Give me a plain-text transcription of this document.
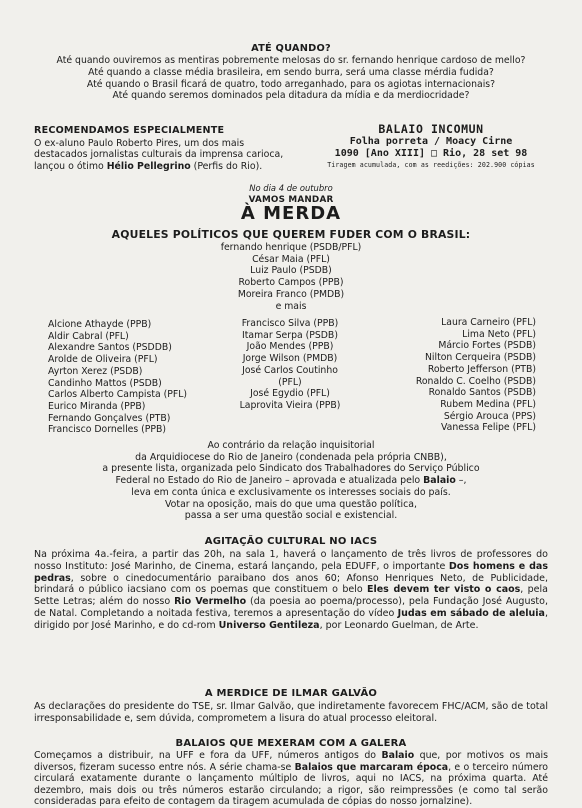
ATÉ QUANDO?
Até quando ouviremos as mentiras pobremente melosas do sr. fernando henrique cardoso de mello?
Até quando a classe média brasileira, em sendo burra, será uma classe mérdia fudida?
Até quando o Brasil ficará de quatro, todo arreganhado, para os agiotas internacionais?
Até quando seremos dominados pela ditadura da mídia e da merdiocridade?
RECOMENDAMOS ESPECIALMENTE
O ex-aluno Paulo Roberto Pires, um dos mais
destacados jornalistas culturais da imprensa carioca,
lançou o ótimo Hélio Pellegrino (Perfis do Rio).
BALAIO INCOMUN
Folha porreta / Moacy Cirne
1090 [Ano XIII] □ Rio, 28 set 98
Tiragem acumulada, com as reedições: 202.900 cópias
No dia 4 de outubro
VAMOS MANDAR
À MERDA
AQUELES POLÍTICOS QUE QUEREM FUDER COM O BRASIL:
fernando henrique (PSDB/PFL)
César Maia (PFL)
Luiz Paulo (PSDB)
Roberto Campos (PPB)
Moreira Franco (PMDB)
e mais
Alcione Athayde (PPB)
Aldir Cabral (PFL)
Alexandre Santos (PSDDB)
Arolde de Oliveira (PFL)
Ayrton Xerez (PSDB)
Candinho Mattos (PSDB)
Carlos Alberto Campista (PFL)
Eurico Miranda (PPB)
Fernando Gonçalves (PTB)
Francisco Dornelles (PPB)
Francisco Silva (PPB)
Itamar Serpa (PSDB)
João Mendes (PPB)
Jorge Wilson (PMDB)
José Carlos Coutinho (PFL)
José Egydio (PFL)
Laprovita Vieira (PPB)
Laura Carneiro (PFL)
Lima Neto (PFL)
Márcio Fortes (PSDB)
Nilton Cerqueira (PSDB)
Roberto Jefferson (PTB)
Ronaldo C. Coelho (PSDB)
Ronaldo Santos (PSDB)
Rubem Medina (PFL)
Sérgio Arouca (PPS)
Vanessa Felipe (PFL)
Ao contrário da relação inquisitorial
da Arquidiocese do Rio de Janeiro (condenada pela própria CNBB),
a presente lista, organizada pelo Sindicato dos Trabalhadores do Serviço Público
Federal no Estado do Rio de Janeiro – aprovada e atualizada pelo Balaio –,
leva em conta única e exclusivamente os interesses sociais do país.
Votar na oposição, mais do que uma questão política,
passa a ser uma questão social e existencial.
AGITAÇÃO CULTURAL NO IACS
Na próxima 4a.-feira, a partir das 20h, na sala 1, haverá o lançamento de três livros de professores do nosso Instituto: José Marinho, de Cinema, estará lançando, pela EDUFF, o importante Dos homens e das pedras, sobre o cinedocumentário paraibano dos anos 60; Afonso Henriques Neto, de Publicidade, brindará o público iacsiano com os poemas que constituem o belo Eles devem ter visto o caos, pela Sette Letras; além do nosso Rio Vermelho (da poesia ao poema/processo), pela Fundação José Augusto, de Natal. Completando a noitada festiva, teremos a apresentação do vídeo Judas em sábado de aleluia, dirigido por José Marinho, e do cd-rom Universo Gentileza, por Leonardo Guelman, de Arte.
A MERDICE DE ILMAR GALVÃO
As declarações do presidente do TSE, sr. Ilmar Galvão, que indiretamente favorecem FHC/ACM, são de total irresponsabilidade e, sem dúvida, comprometem a lisura do atual processo eleitoral.
BALAIOS QUE MEXERAM COM A GALERA
Começamos a distribuir, na UFF e fora da UFF, números antigos do Balaio que, por motivos os mais diversos, fizeram sucesso entre nós. A série chama-se Balaios que marcaram época, e o terceiro número circulará exatamente durante o lançamento múltiplo de livros, aqui no IACS, na próxima quarta. Até dezembro, mais dois ou três números estarão circulando; a rigor, são reimpressões (e como tal serão consideradas para efeito de contagem da tiragem acumulada de cópias do nosso jornalzine).
